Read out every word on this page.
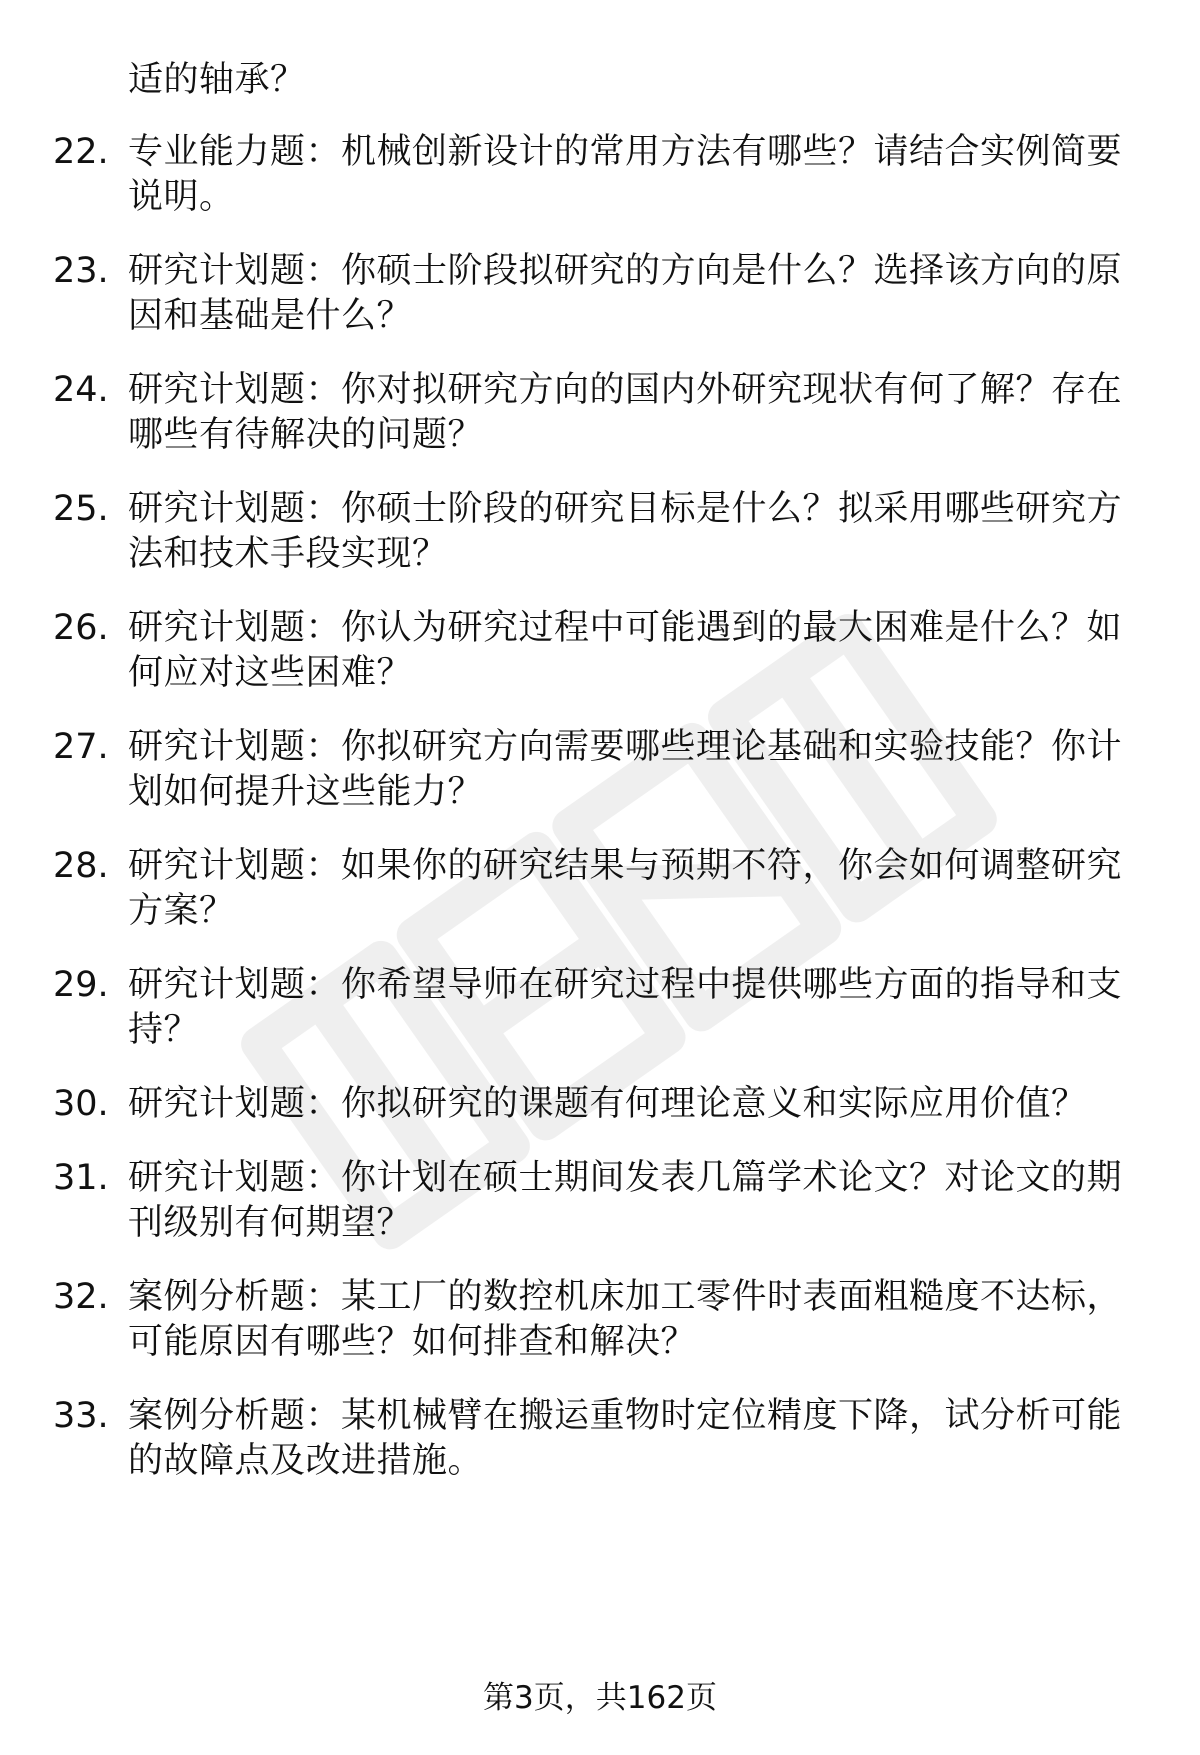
适的轴承？
22. 专业能力题：机械创新设计的常用方法有哪些？请结合实例简要
说明。
23. 研究计划题：你硕士阶段拟研究的方向是什么？选择该方向的原
因和基础是什么？
24. 研究计划题：你对拟研究方向的国内外研究现状有何了解？存在
哪些有待解决的问题？
25. 研究计划题：你硕士阶段的研究目标是什么？拟采用哪些研究方
法和技术手段实现？
26. 研究计划题：你认为研究过程中可能遇到的最大困难是什么？如
何应对这些困难？
27. 研究计划题：你拟研究方向需要哪些理论基础和实验技能？你计
划如何提升这些能力？
28. 研究计划题：如果你的研究结果与预期不符，你会如何调整研究
方案？
29. 研究计划题：你希望导师在研究过程中提供哪些方面的指导和支
持？
30. 研究计划题：你拟研究的课题有何理论意义和实际应用价值？
31. 研究计划题：你计划在硕士期间发表几篇学术论文？对论文的期
刊级别有何期望？
32. 案例分析题：某工厂的数控机床加工零件时表面粗糙度不达标，
可能原因有哪些？如何排查和解决？
33. 案例分析题：某机械臂在搬运重物时定位精度下降，试分析可能
的故障点及改进措施。
第3页，共162页
